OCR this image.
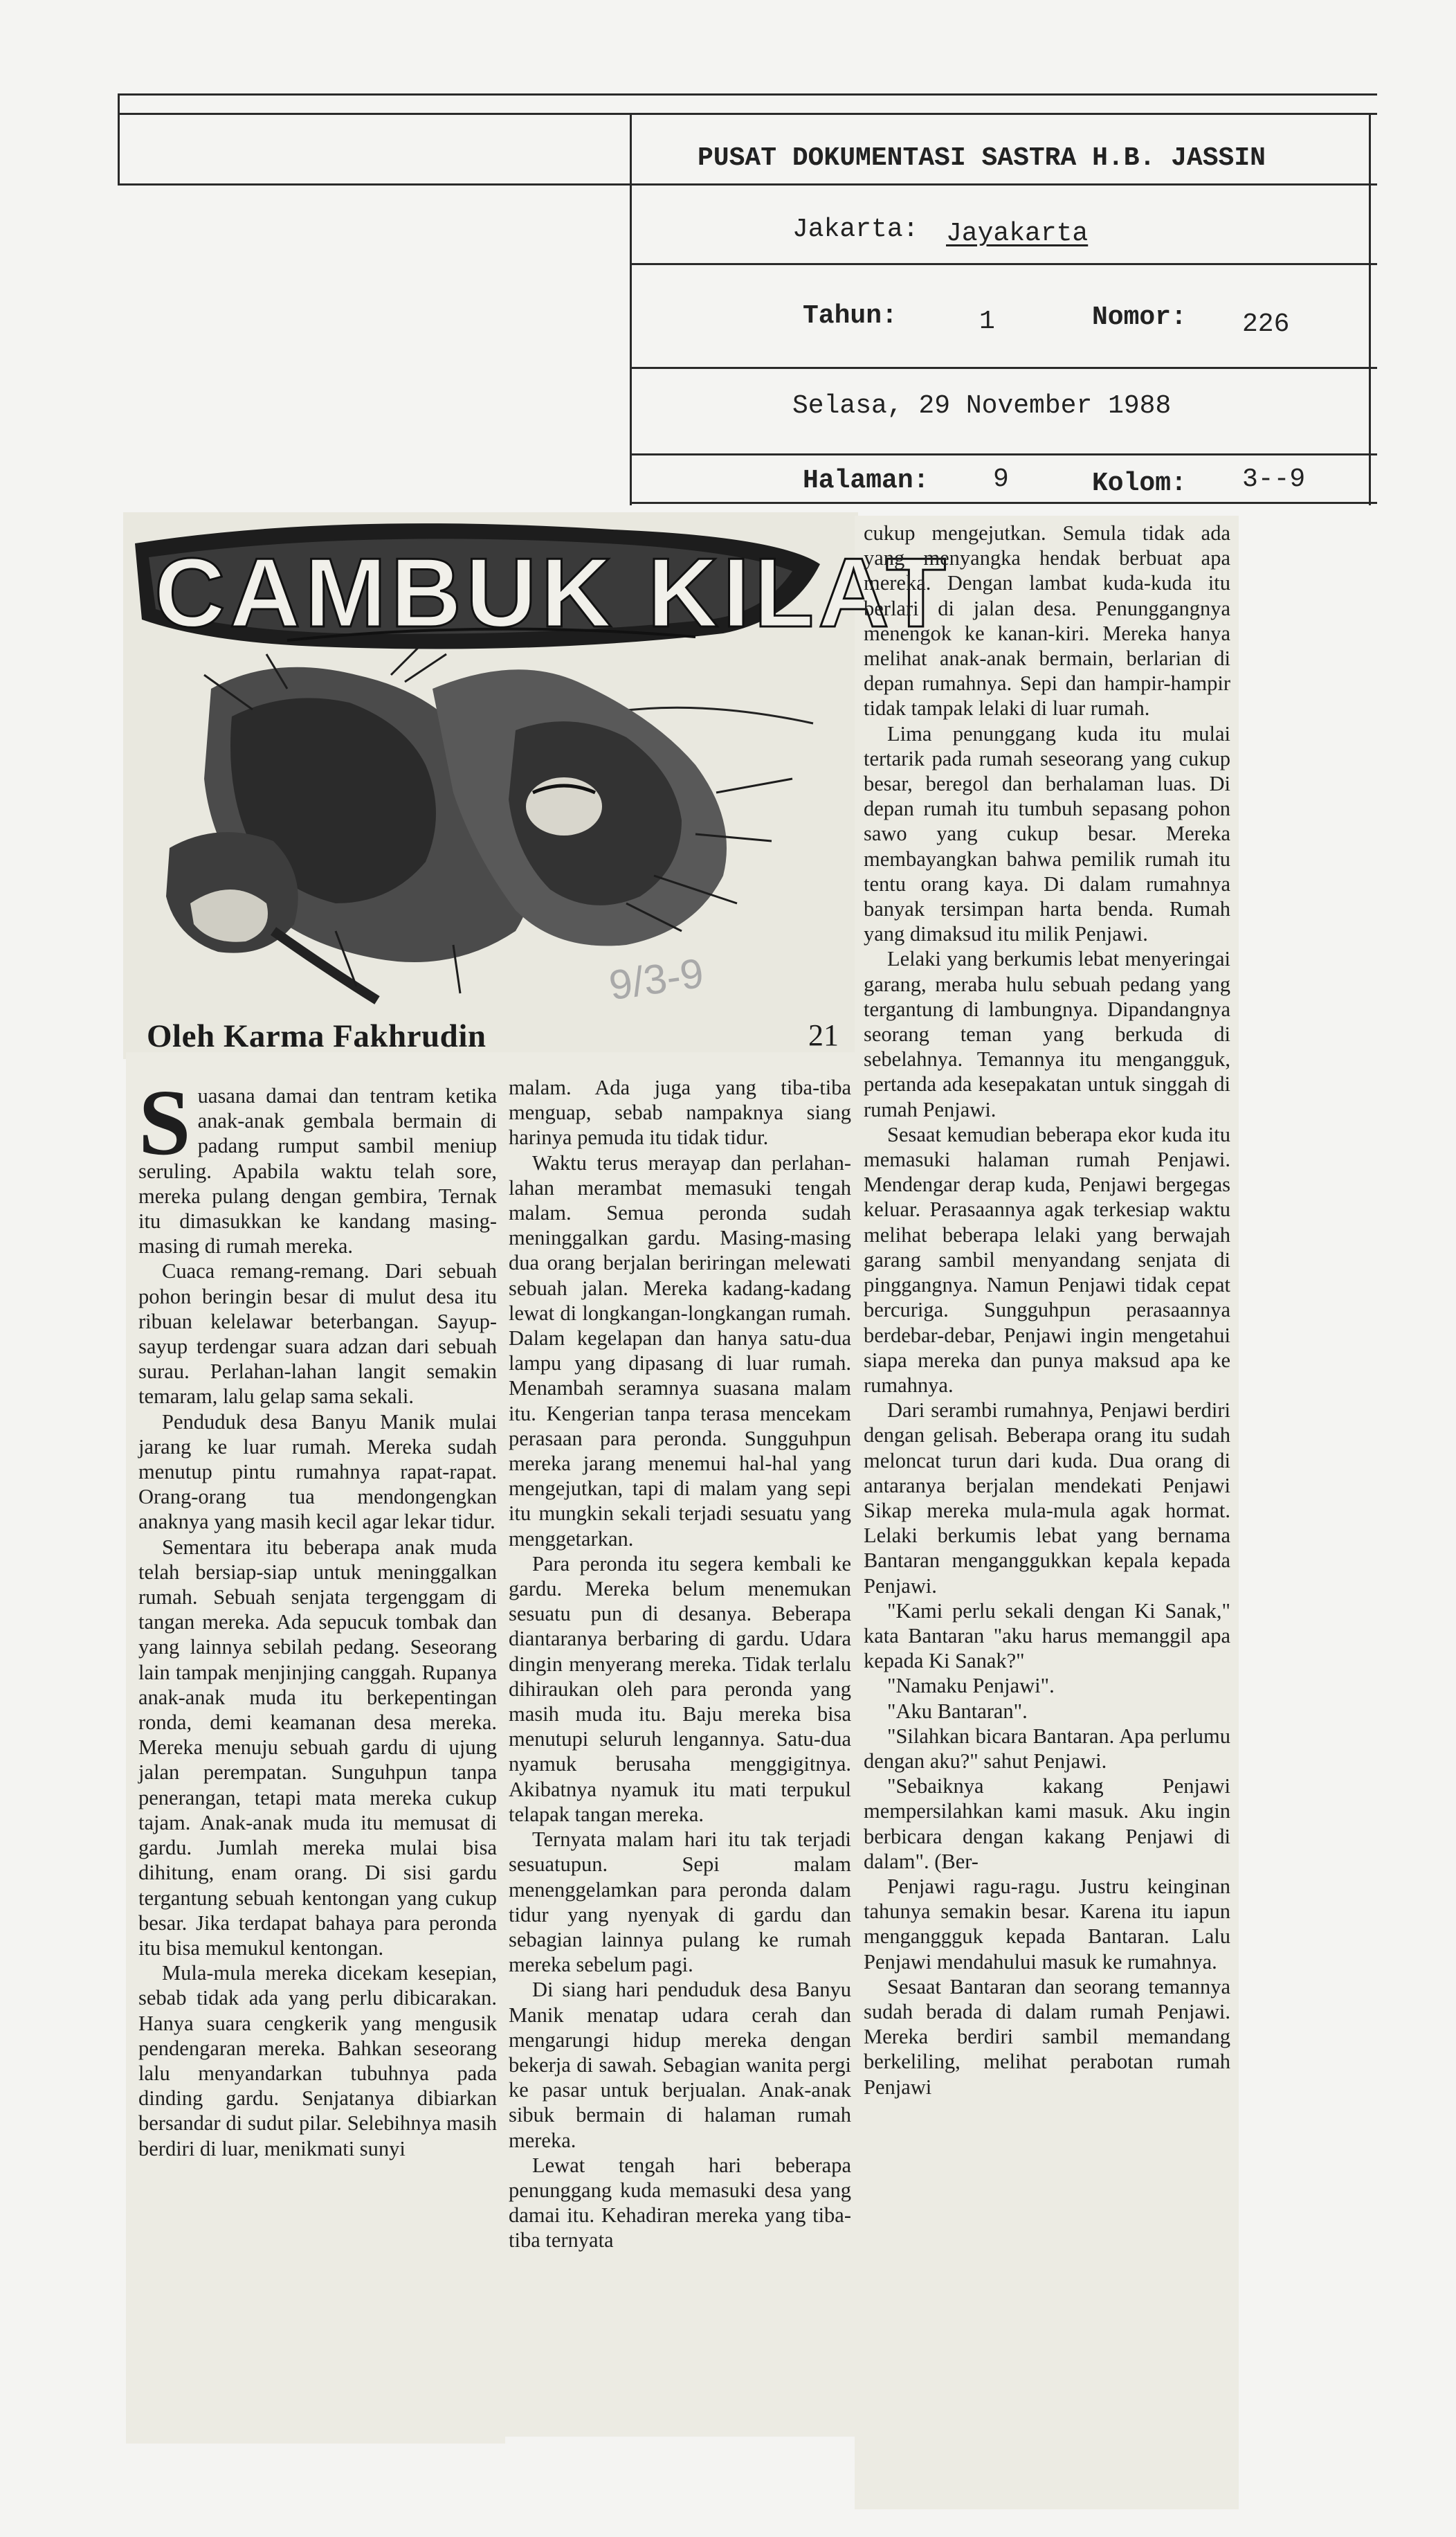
PUSAT DOKUMENTASI SASTRA H.B. JASSIN
Jakarta: Jayakarta
Tahun:	1	Nomor: 226
Selasa, 29 November 1988
Halaman: 9	Kolom: 3--9
CAMBUK KILAT
9/3-9
Oleh Karma Fakhrudin	21

Suasana damai dan tentram ketika anak-anak gembala bermain di padang rumput sambil meniup seruling. Apabila waktu telah sore, mereka pulang dengan gembira, Ternak itu dimasukkan ke kandang masing-masing di rumah mereka.

Cuaca remang-remang. Dari sebuah pohon beringin besar di mulut desa itu ribuan kelelawar beterbangan. Sayup-sayup terdengar suara adzan dari sebuah surau. Perlahan-lahan langit semakin temaram, lalu gelap sama sekali.

Penduduk desa Banyu Manik mulai jarang ke luar rumah. Mereka sudah menutup pintu rumahnya rapat-rapat. Orang-orang tua mendongengkan anaknya yang masih kecil agar lekar tidur.

Sementara itu beberapa anak muda telah bersiap-siap untuk meninggalkan rumah. Sebuah senjata tergenggam di tangan mereka. Ada sepucuk tombak dan yang lainnya sebilah pedang. Seseorang lain tampak menjinjing canggah. Rupanya anak-anak muda itu berkepentingan ronda, demi keamanan desa mereka. Mereka menuju sebuah gardu di ujung jalan perempatan. Sunguhpun tanpa penerangan, tetapi mata mereka cukup tajam. Anak-anak muda itu memusat di gardu. Jumlah mereka mulai bisa dihitung, enam orang. Di sisi gardu tergantung sebuah kentongan yang cukup besar. Jika terdapat bahaya para peronda itu bisa memukul kentongan.

Mula-mula mereka dicekam kesepian, sebab tidak ada yang perlu dibicarakan. Hanya suara cengkerik yang mengusik pendengaran mereka. Bahkan seseorang lalu menyandarkan tubuhnya pada dinding gardu. Senjatanya dibiarkan bersandar di sudut pilar. Selebihnya masih berdiri di luar, menikmati sunyi

malam. Ada juga yang tiba-tiba menguap, sebab nampaknya siang harinya pemuda itu tidak tidur.

Waktu terus merayap dan perlahan-lahan merambat memasuki tengah malam. Semua peronda sudah meninggalkan gardu. Masing-masing dua orang berjalan beriringan melewati sebuah jalan. Mereka kadang-kadang lewat di longkangan-longkangan rumah. Dalam kegelapan dan hanya satu-dua lampu yang dipasang di luar rumah. Menambah seramnya suasana malam itu. Kengerian tanpa terasa mencekam perasaan para peronda. Sungguhpun mereka jarang menemui hal-hal yang mengejutkan, tapi di malam yang sepi itu mungkin sekali terjadi sesuatu yang menggetarkan.

Para peronda itu segera kembali ke gardu. Mereka belum menemukan sesuatu pun di desanya. Beberapa diantaranya berbaring di gardu. Udara dingin menyerang mereka. Tidak terlalu dihiraukan oleh para peronda yang masih muda itu. Baju mereka bisa menutupi seluruh lengannya. Satu-dua nyamuk berusaha menggigitnya. Akibatnya nyamuk itu mati terpukul telapak tangan mereka.

Ternyata malam hari itu tak terjadi sesuatupun. Sepi malam menenggelamkan para peronda dalam tidur yang nyenyak di gardu dan sebagian lainnya pulang ke rumah mereka sebelum pagi.

Di siang hari penduduk desa Banyu Manik menatap udara cerah dan mengarungi hidup mereka dengan bekerja di sawah. Sebagian wanita pergi ke pasar untuk berjualan. Anak-anak sibuk bermain di halaman rumah mereka.

Lewat tengah hari beberapa penunggang kuda memasuki desa yang damai itu. Kehadiran mereka yang tiba-tiba ternyata

cukup mengejutkan. Semula tidak ada yang menyangka hendak berbuat apa mereka. Dengan lambat kuda-kuda itu berlari di jalan desa. Penunggangnya menengok ke kanan-kiri. Mereka hanya melihat anak-anak bermain, berlarian di depan rumahnya. Sepi dan hampir-hampir tidak tampak lelaki di luar rumah.

Lima penunggang kuda itu mulai tertarik pada rumah seseorang yang cukup besar, beregol dan berhalaman luas. Di depan rumah itu tumbuh sepasang pohon sawo yang cukup besar. Mereka membayangkan bahwa pemilik rumah itu tentu orang kaya. Di dalam rumahnya banyak tersimpan harta benda. Rumah yang dimaksud itu milik Penjawi.

Lelaki yang berkumis lebat menyeringai garang, meraba hulu sebuah pedang yang tergantung di lambungnya. Dipandangnya seorang teman yang berkuda di sebelahnya. Temannya itu mengangguk, pertanda ada kesepakatan untuk singgah di rumah Penjawi.

Sesaat kemudian beberapa ekor kuda itu memasuki halaman rumah Penjawi. Mendengar derap kuda, Penjawi bergegas keluar. Perasaannya agak terkesiap waktu melihat beberapa lelaki yang berwajah garang sambil menyandang senjata di pinggangnya. Namun Penjawi tidak cepat bercuriga. Sungguhpun perasaannya berdebar-debar, Penjawi ingin mengetahui siapa mereka dan punya maksud apa ke rumahnya.

Dari serambi rumahnya, Penjawi berdiri dengan gelisah. Beberapa orang itu sudah meloncat turun dari kuda. Dua orang di antaranya berjalan mendekati Penjawi Sikap mereka mula-mula agak hormat. Lelaki berkumis lebat yang bernama Bantaran menganggukkan kepala kepada Penjawi.

"Kami perlu sekali dengan Ki Sanak," kata Bantaran "aku harus memanggil apa kepada Ki Sanak?"

"Namaku Penjawi".

"Aku Bantaran".

"Silahkan bicara Bantaran. Apa perlumu dengan aku?" sahut Penjawi.

"Sebaiknya kakang Penjawi mempersilahkan kami masuk. Aku ingin berbicara dengan kakang Penjawi di dalam". (Ber-

Penjawi ragu-ragu. Justru keinginan tahunya semakin besar. Karena itu iapun menganggguk kepada Bantaran. Lalu Penjawi mendahului masuk ke rumahnya.

Sesaat Bantaran dan seorang temannya sudah berada di dalam rumah Penjawi. Mereka berdiri sambil memandang berkeliling, melihat perabotan rumah Penjawi
